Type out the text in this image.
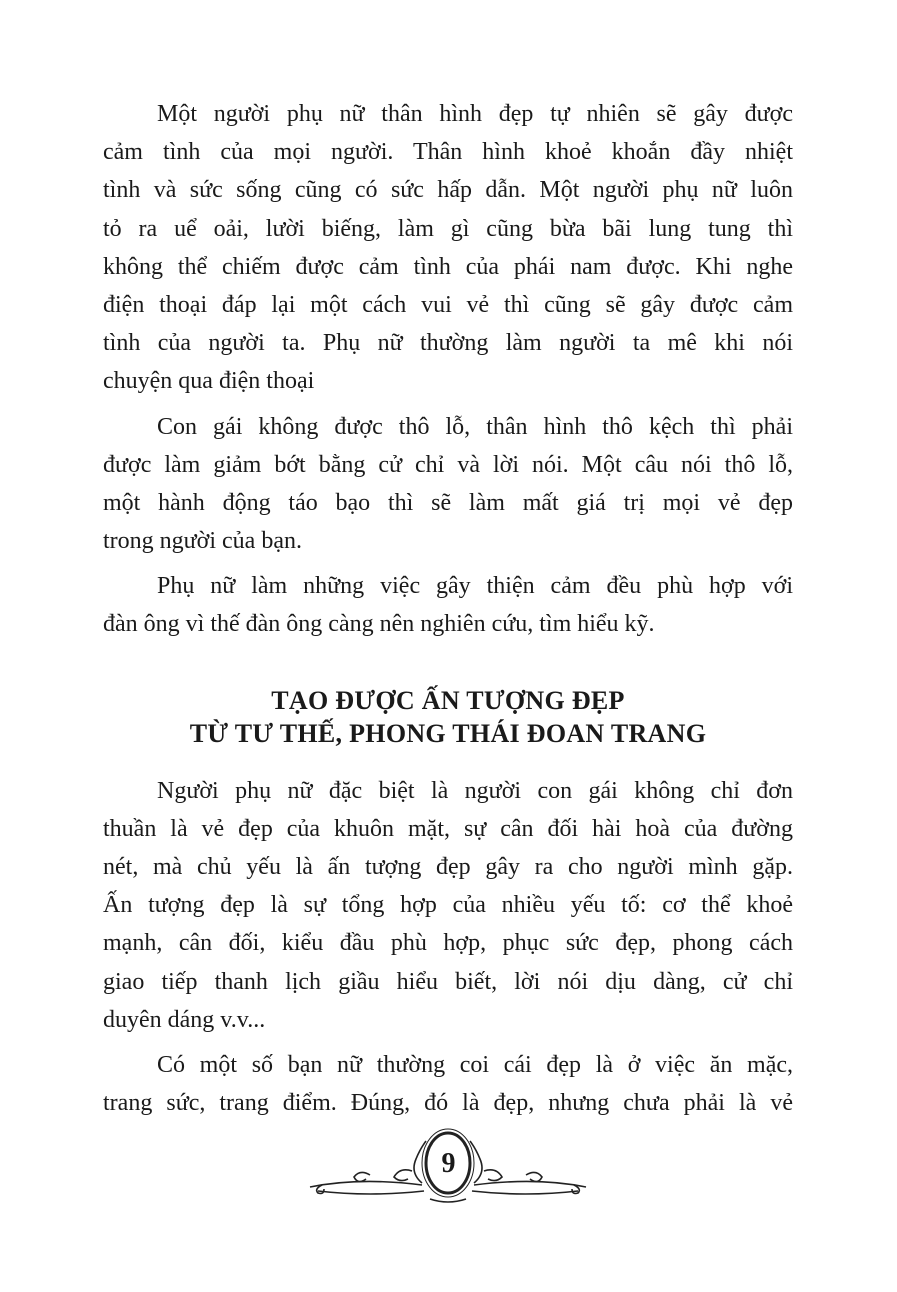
Một người phụ nữ thân hình đẹp tự nhiên sẽ gây được
cảm tình của mọi người. Thân hình khoẻ khoắn đầy nhiệt
tình và sức sống cũng có sức hấp dẫn. Một người phụ nữ luôn
tỏ ra uể oải, lười biếng, làm gì cũng bừa bãi lung tung thì
không thể chiếm được cảm tình của phái nam được. Khi nghe
điện thoại đáp lại một cách vui vẻ thì cũng sẽ gây được cảm
tình của người ta. Phụ nữ thường làm người ta mê khi nói
chuyện qua điện thoại
Con gái không được thô lỗ, thân hình thô kệch thì phải
được làm giảm bớt bằng cử chỉ và lời nói. Một câu nói thô lỗ,
một hành động táo bạo thì sẽ làm mất giá trị mọi vẻ đẹp
trong người của bạn.
Phụ nữ làm những việc gây thiện cảm đều phù hợp với
đàn ông vì thế đàn ông càng nên nghiên cứu, tìm hiểu kỹ.
TẠO ĐƯỢC ẤN TƯỢNG ĐẸP
TỪ TƯ THẾ, PHONG THÁI ĐOAN TRANG
Người phụ nữ đặc biệt là người con gái không chỉ đơn
thuần là vẻ đẹp của khuôn mặt, sự cân đối hài hoà của đường
nét, mà chủ yếu là ấn tượng đẹp gây ra cho người mình gặp.
Ấn tượng đẹp là sự tổng hợp của nhiều yếu tố: cơ thể khoẻ
mạnh, cân đối, kiểu đầu phù hợp, phục sức đẹp, phong cách
giao tiếp thanh lịch giầu hiểu biết, lời nói dịu dàng, cử chỉ
duyên dáng v.v...
Có một số bạn nữ thường coi cái đẹp là ở việc ăn mặc,
trang sức, trang điểm. Đúng, đó là đẹp, nhưng chưa phải là vẻ
9
